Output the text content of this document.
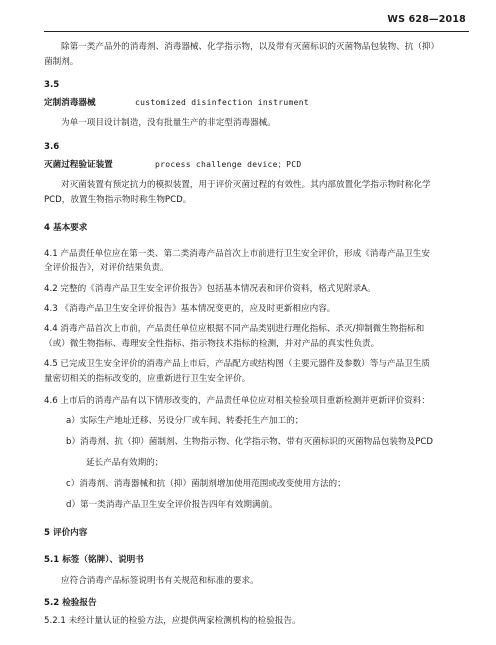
WS 628—2018
除第一类产品外的消毒剂、消毒器械、化学指示物，以及带有灭菌标识的灭菌物品包装物、抗（抑）
菌制剂。
3.5
定制消毒器械	customized disinfection instrument
为单一项目设计制造，没有批量生产的非定型消毒器械。
3.6
灭菌过程验证装置	process challenge device；PCD
对灭菌装置有预定抗力的模拟装置，用于评价灭菌过程的有效性。其内部放置化学指示物时称化学
PCD，放置生物指示物时称生物PCD。
4 基本要求
4.1 产品责任单位应在第一类、第二类消毒产品首次上市前进行卫生安全评价，形成《消毒产品卫生安
全评价报告》，对评价结果负责。
4.2 完整的《消毒产品卫生安全评价报告》包括基本情况表和评价资料，格式见附录A。
4.3 《消毒产品卫生安全评价报告》基本情况变更的，应及时更新相应内容。
4.4 消毒产品首次上市前，产品责任单位应根据不同产品类别进行理化指标、杀灭/抑制微生物指标和
（或）微生物指标、毒理安全性指标、指示物技术指标的检测，并对产品的真实性负责。
4.5 已完成卫生安全评价的消毒产品上市后，产品配方或结构图（主要元器件及参数）等与产品卫生质
量密切相关的指标改变的，应重新进行卫生安全评价。
4.6 上市后的消毒产品有以下情形改变的，产品责任单位应对相关检验项目重新检测并更新评价资料：
a）实际生产地址迁移、另设分厂或车间、转委托生产加工的；
b）消毒剂、抗（抑）菌制剂、生物指示物、化学指示物、带有灭菌标识的灭菌物品包装物及PCD
延长产品有效期的；
c）消毒剂、消毒器械和抗（抑）菌制剂增加使用范围或改变使用方法的；
d）第一类消毒产品卫生安全评价报告四年有效期满前。
5 评价内容
5.1 标签（铭牌）、说明书
应符合消毒产品标签说明书有关规范和标准的要求。
5.2 检验报告
5.2.1 未经计量认证的检验方法，应提供两家检测机构的检验报告。
